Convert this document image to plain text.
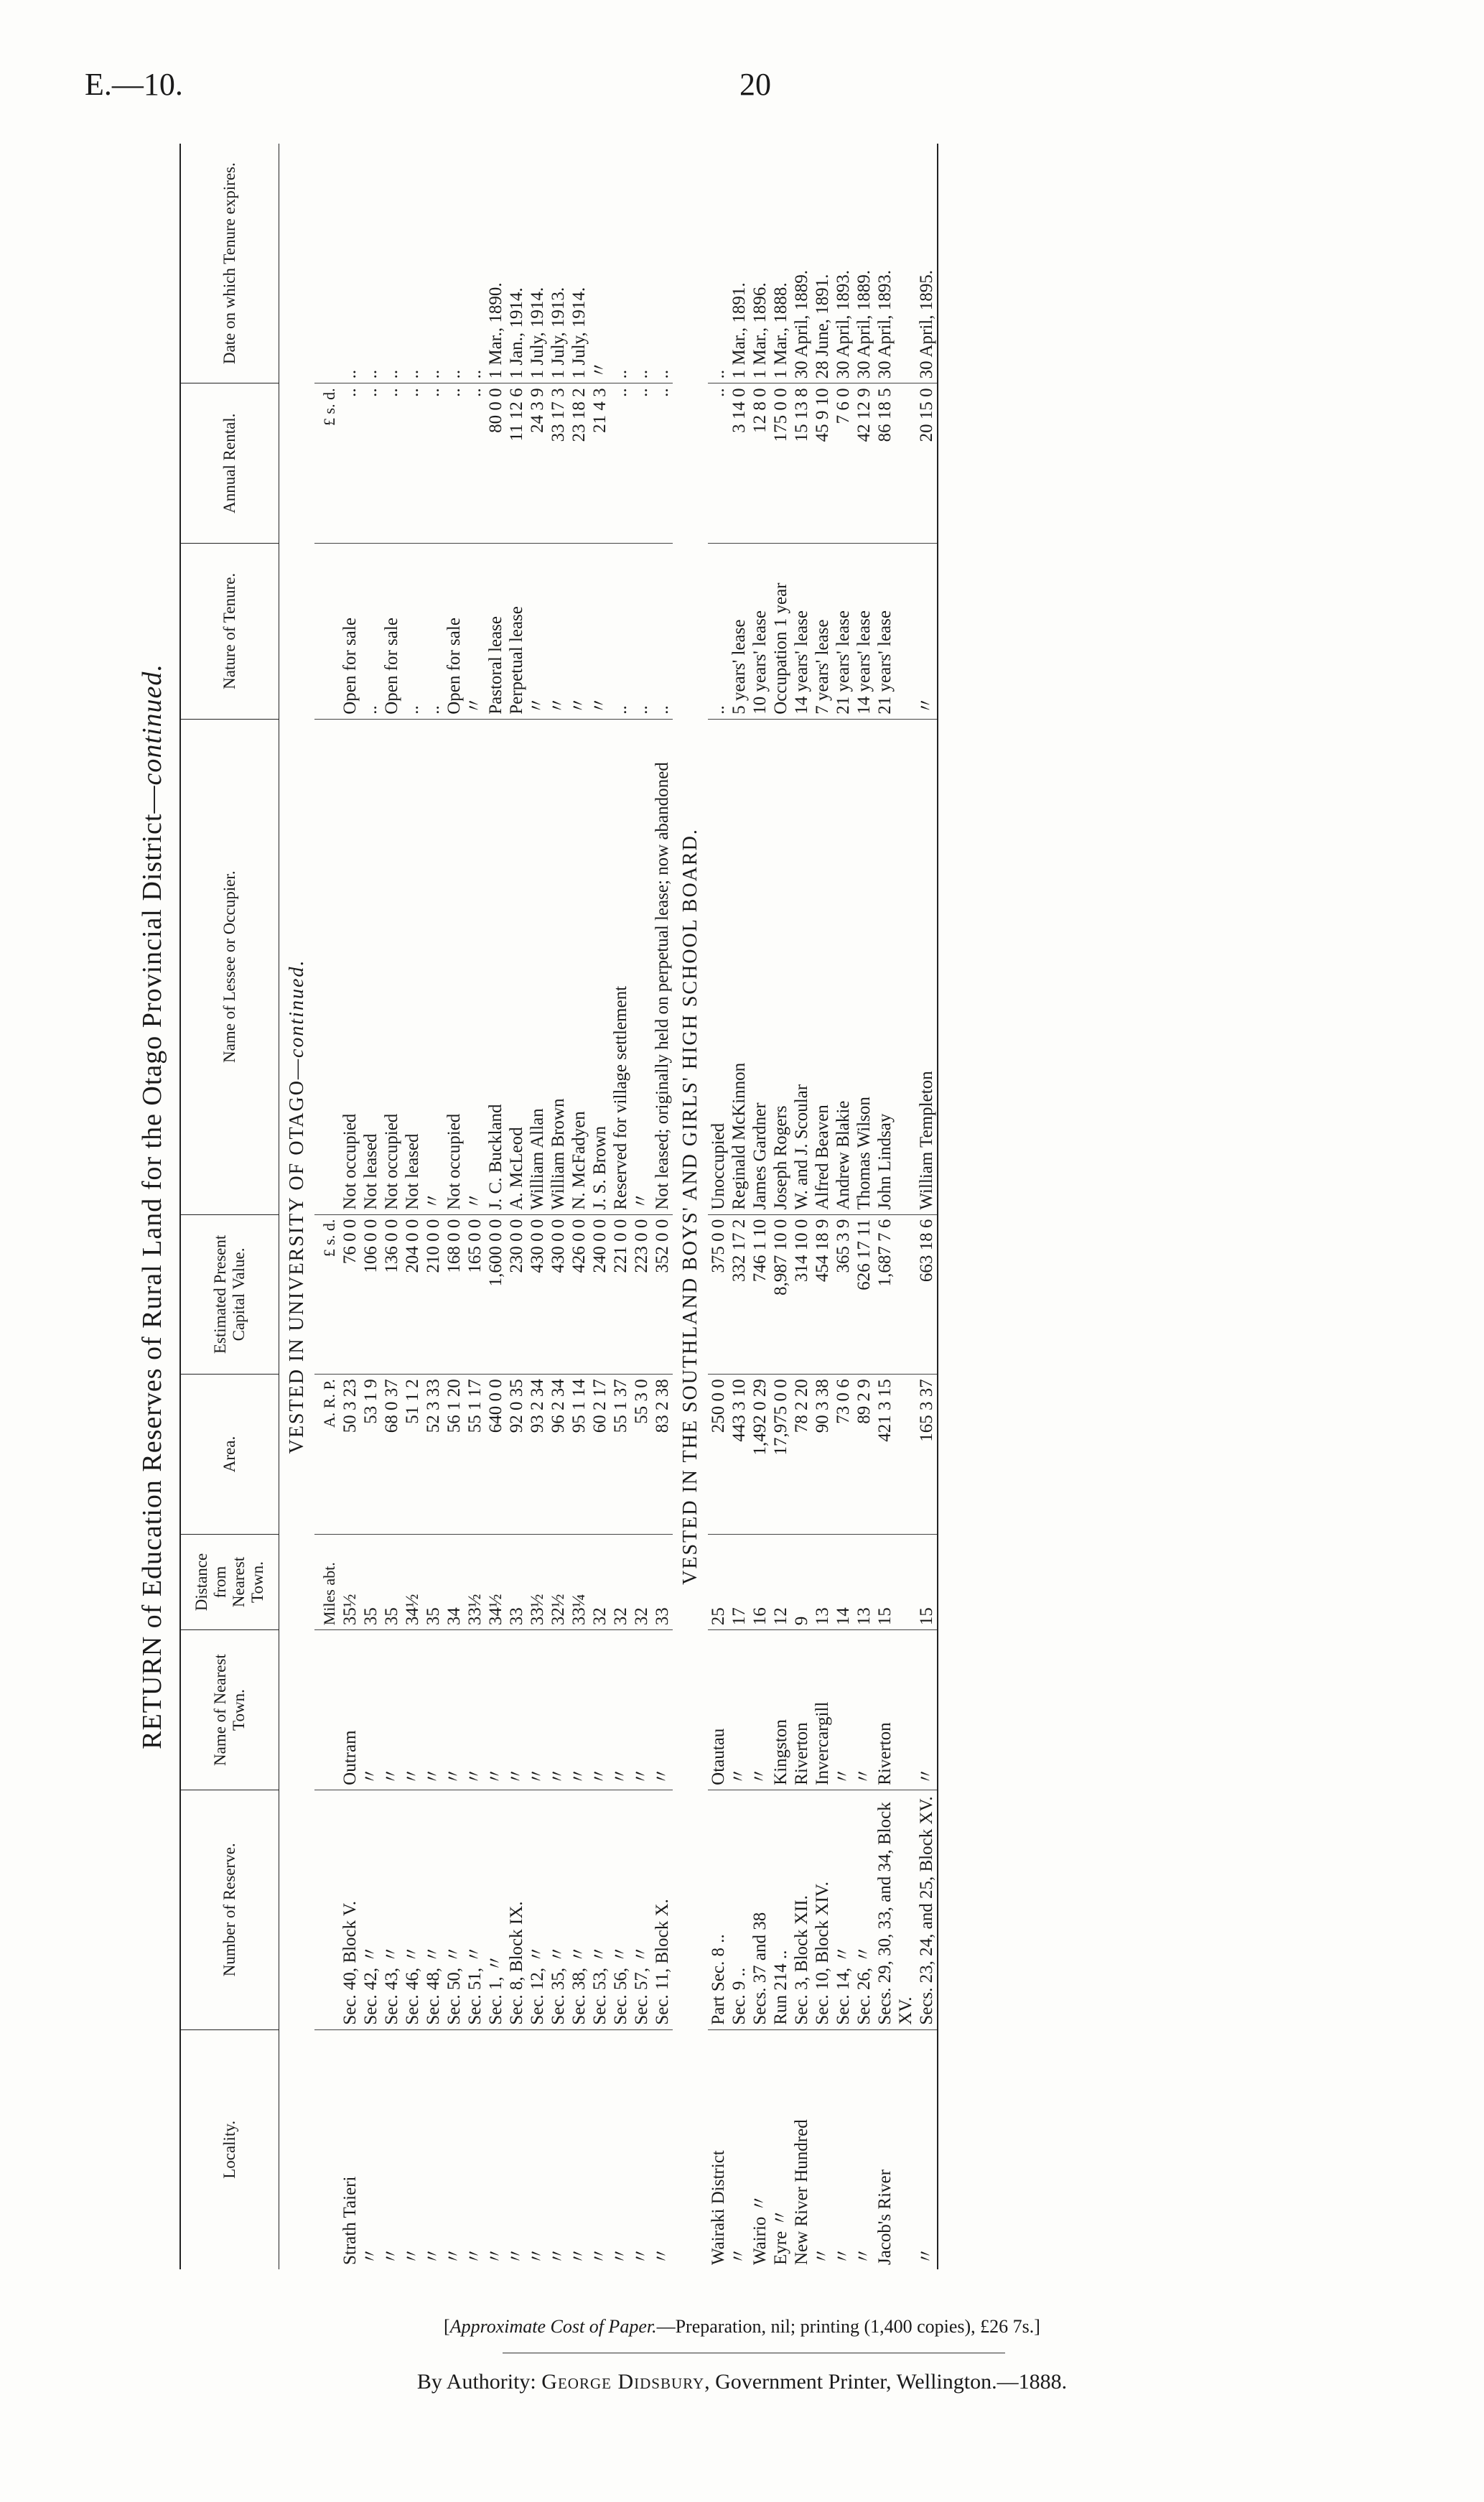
E.—10.	20
RETURN of Education Reserves of Rural Land for the Otago Provincial District—continued.
Locality.	Number of Reserve.	Name of Nearest Town.	Distance from Nearest Town.	Area.	Estimated Present Capital Value.	Name of Lessee or Occupier.	Nature of Tenure.	Annual Rental.	Date on which Tenure expires.
VESTED IN UNIVERSITY OF OTAGO—continued.									
			Miles abt.	A. R. P.	£ s. d.			£ s. d.	
Strath Taieri	Sec. 40, Block V.	Outram	35½	50 3 23	76 0 0	Not occupied	Open for sale	..	..
〃	Sec. 42, 〃	〃	35	53 1 9	106 0 0	Not leased	..	..	..
〃	Sec. 43, 〃	〃	35	68 0 37	136 0 0	Not occupied	Open for sale	..	..
〃	Sec. 46, 〃	〃	34½	51 1 2	204 0 0	Not leased	..	..	..
〃	Sec. 48, 〃	〃	35	52 3 33	210 0 0	〃	..	..	..
〃	Sec. 50, 〃	〃	34	56 1 20	168 0 0	Not occupied	Open for sale	..	..
〃	Sec. 51, 〃	〃	33½	55 1 17	165 0 0	〃	〃	..	..
〃	Sec. 1, 〃	〃	34½	640 0 0	1,600 0 0	J. C. Buckland	Pastoral lease	80 0 0	1 Mar., 1890.
〃	Sec. 8, Block IX.	〃	33	92 0 35	230 0 0	A. McLeod	Perpetual lease	11 12 6	1 Jan., 1914.
〃	Sec. 12, 〃	〃	33½	93 2 34	430 0 0	William Allan	〃	24 3 9	1 July, 1914.
〃	Sec. 35, 〃	〃	32½	96 2 34	430 0 0	William Brown	〃	33 17 3	1 July, 1913.
〃	Sec. 38, 〃	〃	33¼	95 1 14	426 0 0	N. McFadyen	〃	23 18 2	1 July, 1914.
〃	Sec. 53, 〃	〃	32	60 2 17	240 0 0	J. S. Brown	〃	21 4 3	〃
〃	Sec. 56, 〃	〃	32	55 1 37	221 0 0	Reserved for village settlement	..	..	..
〃	Sec. 57, 〃	〃	32	55 3 0	223 0 0	〃	..	..	..
〃	Sec. 11, Block X.	〃	33	83 2 38	352 0 0	Not leased; originally held on perpetual lease; now abandoned	..	..	..
VESTED IN THE SOUTHLAND BOYS' AND GIRLS' HIGH SCHOOL BOARD.									
Wairaki District	Part Sec. 8 ..	Otautau	25	250 0 0	375 0 0	Unoccupied	..	..	..
〃	Sec. 9 ..	〃	17	443 3 10	332 17 2	Reginald McKinnon	5 years' lease	3 14 0	1 Mar., 1891.
Wairio 〃	Secs. 37 and 38	〃	16	1,492 0 29	746 1 10	James Gardner	10 years' lease	12 8 0	1 Mar., 1896.
Eyre 〃	Run 214 ..	Kingston	12	17,975 0 0	8,987 10 0	Joseph Rogers	Occupation 1 year	175 0 0	1 Mar., 1888.
New River Hundred	Sec. 3, Block XII.	Riverton	9	78 2 20	314 10 0	W. and J. Scoular	14 years' lease	15 13 8	30 April, 1889.
〃	Sec. 10, Block XIV.	Invercargill	13	90 3 38	454 18 9	Alfred Beaven	7 years' lease	45 9 10	28 June, 1891.
〃	Sec. 14, 〃	〃	14	73 0 6	365 3 9	Andrew Blakie	21 years' lease	7 6 0	30 April, 1893.
〃	Sec. 26, 〃	〃	13	89 2 9	626 17 11	Thomas Wilson	14 years' lease	42 12 9	30 April, 1889.
Jacob's River	Secs. 29, 30, 33, and 34, Block XV.	Riverton	15	421 3 15	1,687 7 6	John Lindsay	21 years' lease	86 18 5	30 April, 1893.
〃	Secs. 23, 24, and 25, Block XV.	〃	15	165 3 37	663 18 6	William Templeton	〃	20 15 0	30 April, 1895.
[Approximate Cost of Paper.—Preparation, nil; printing (1,400 copies), £26 7s.]
By Authority: George Didsbury, Government Printer, Wellington.—1888.
